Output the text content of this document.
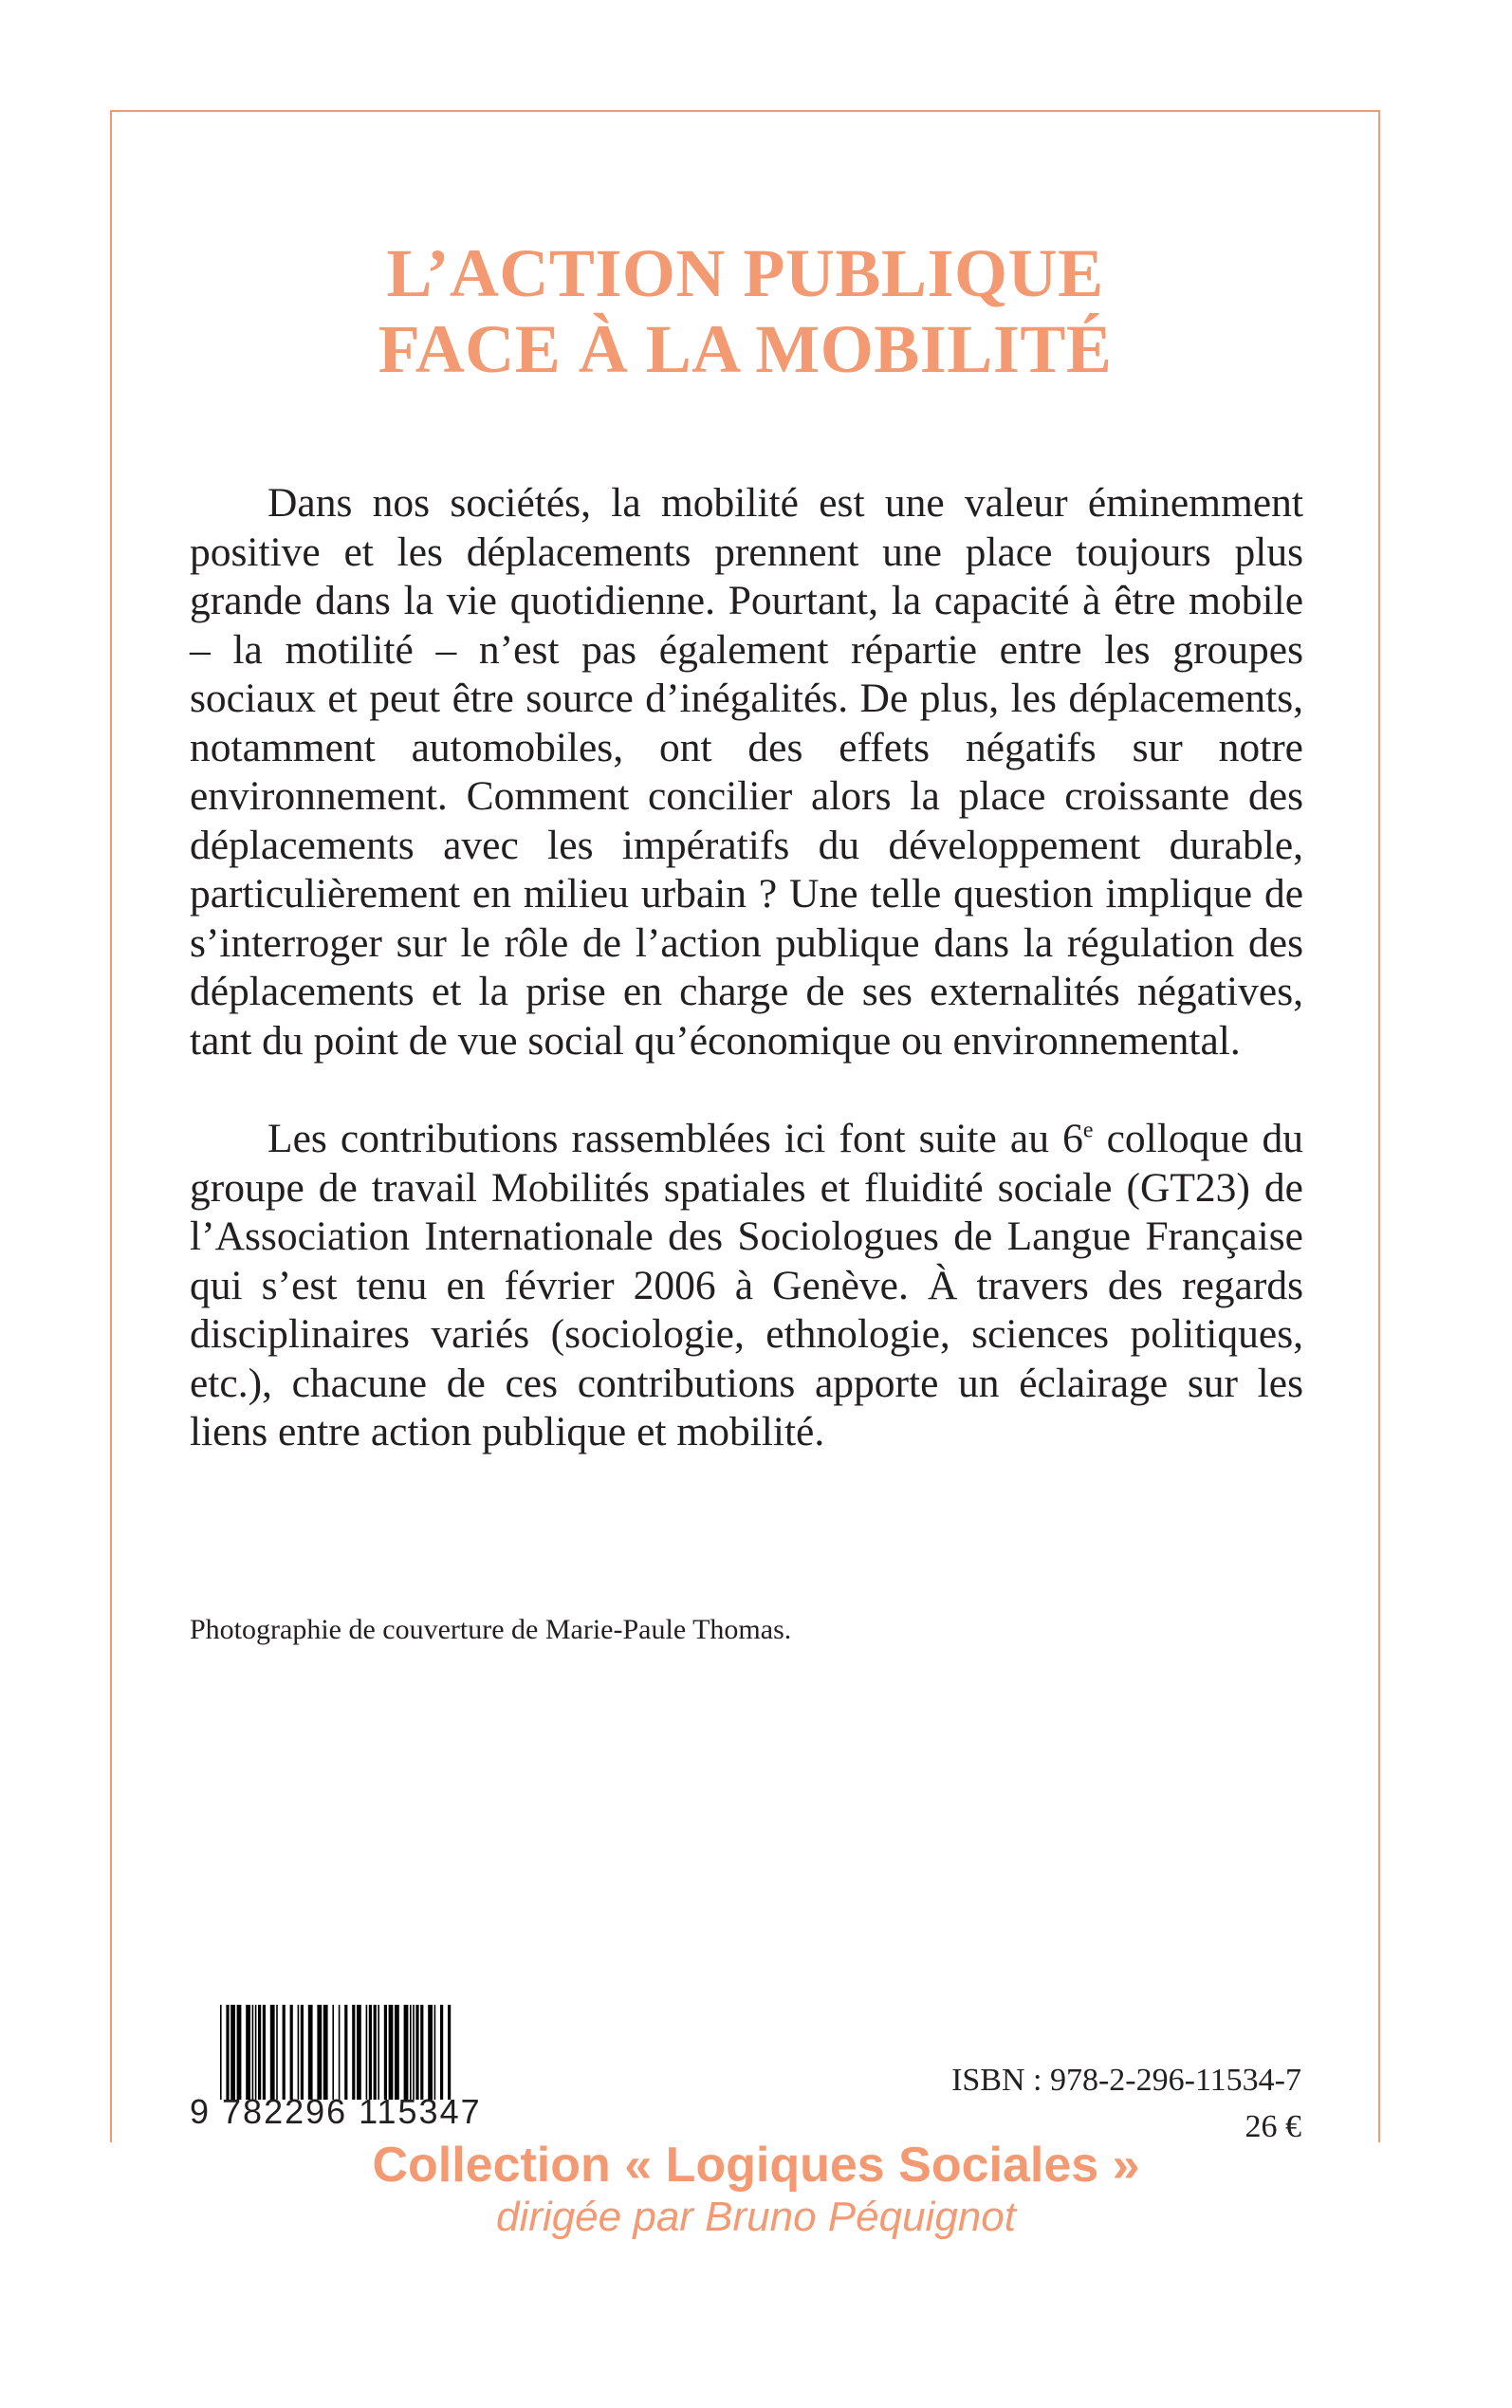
L’ACTION PUBLIQUE
FACE À LA MOBILITÉ

Dans nos sociétés, la mobilité est une valeur éminemment positive et les déplacements prennent une place toujours plus grande dans la vie quotidienne. Pourtant, la capacité à être mobile – la motilité – n’est pas également répartie entre les groupes sociaux et peut être source d’inégalités. De plus, les déplacements, notamment automobiles, ont des effets négatifs sur notre environnement. Comment concilier alors la place croissante des déplacements avec les impératifs du développement durable, particulièrement en milieu urbain ? Une telle question implique de s’interroger sur le rôle de l’action publique dans la régulation des déplacements et la prise en charge de ses externalités négatives, tant du point de vue social qu’économique ou environnemental.

Les contributions rassemblées ici font suite au 6e colloque du groupe de travail Mobilités spatiales et fluidité sociale (GT23) de l’Association Internationale des Sociologues de Langue Française qui s’est tenu en février 2006 à Genève. À travers des regards disciplinaires variés (sociologie, ethnologie, sciences politiques, etc.), chacune de ces contributions apporte un éclairage sur les liens entre action publique et mobilité.

Photographie de couverture de Marie-Paule Thomas.
9 782296 115347
ISBN : 978-2-296-11534-7
26 €
Collection « Logiques Sociales »
dirigée par Bruno Péquignot
